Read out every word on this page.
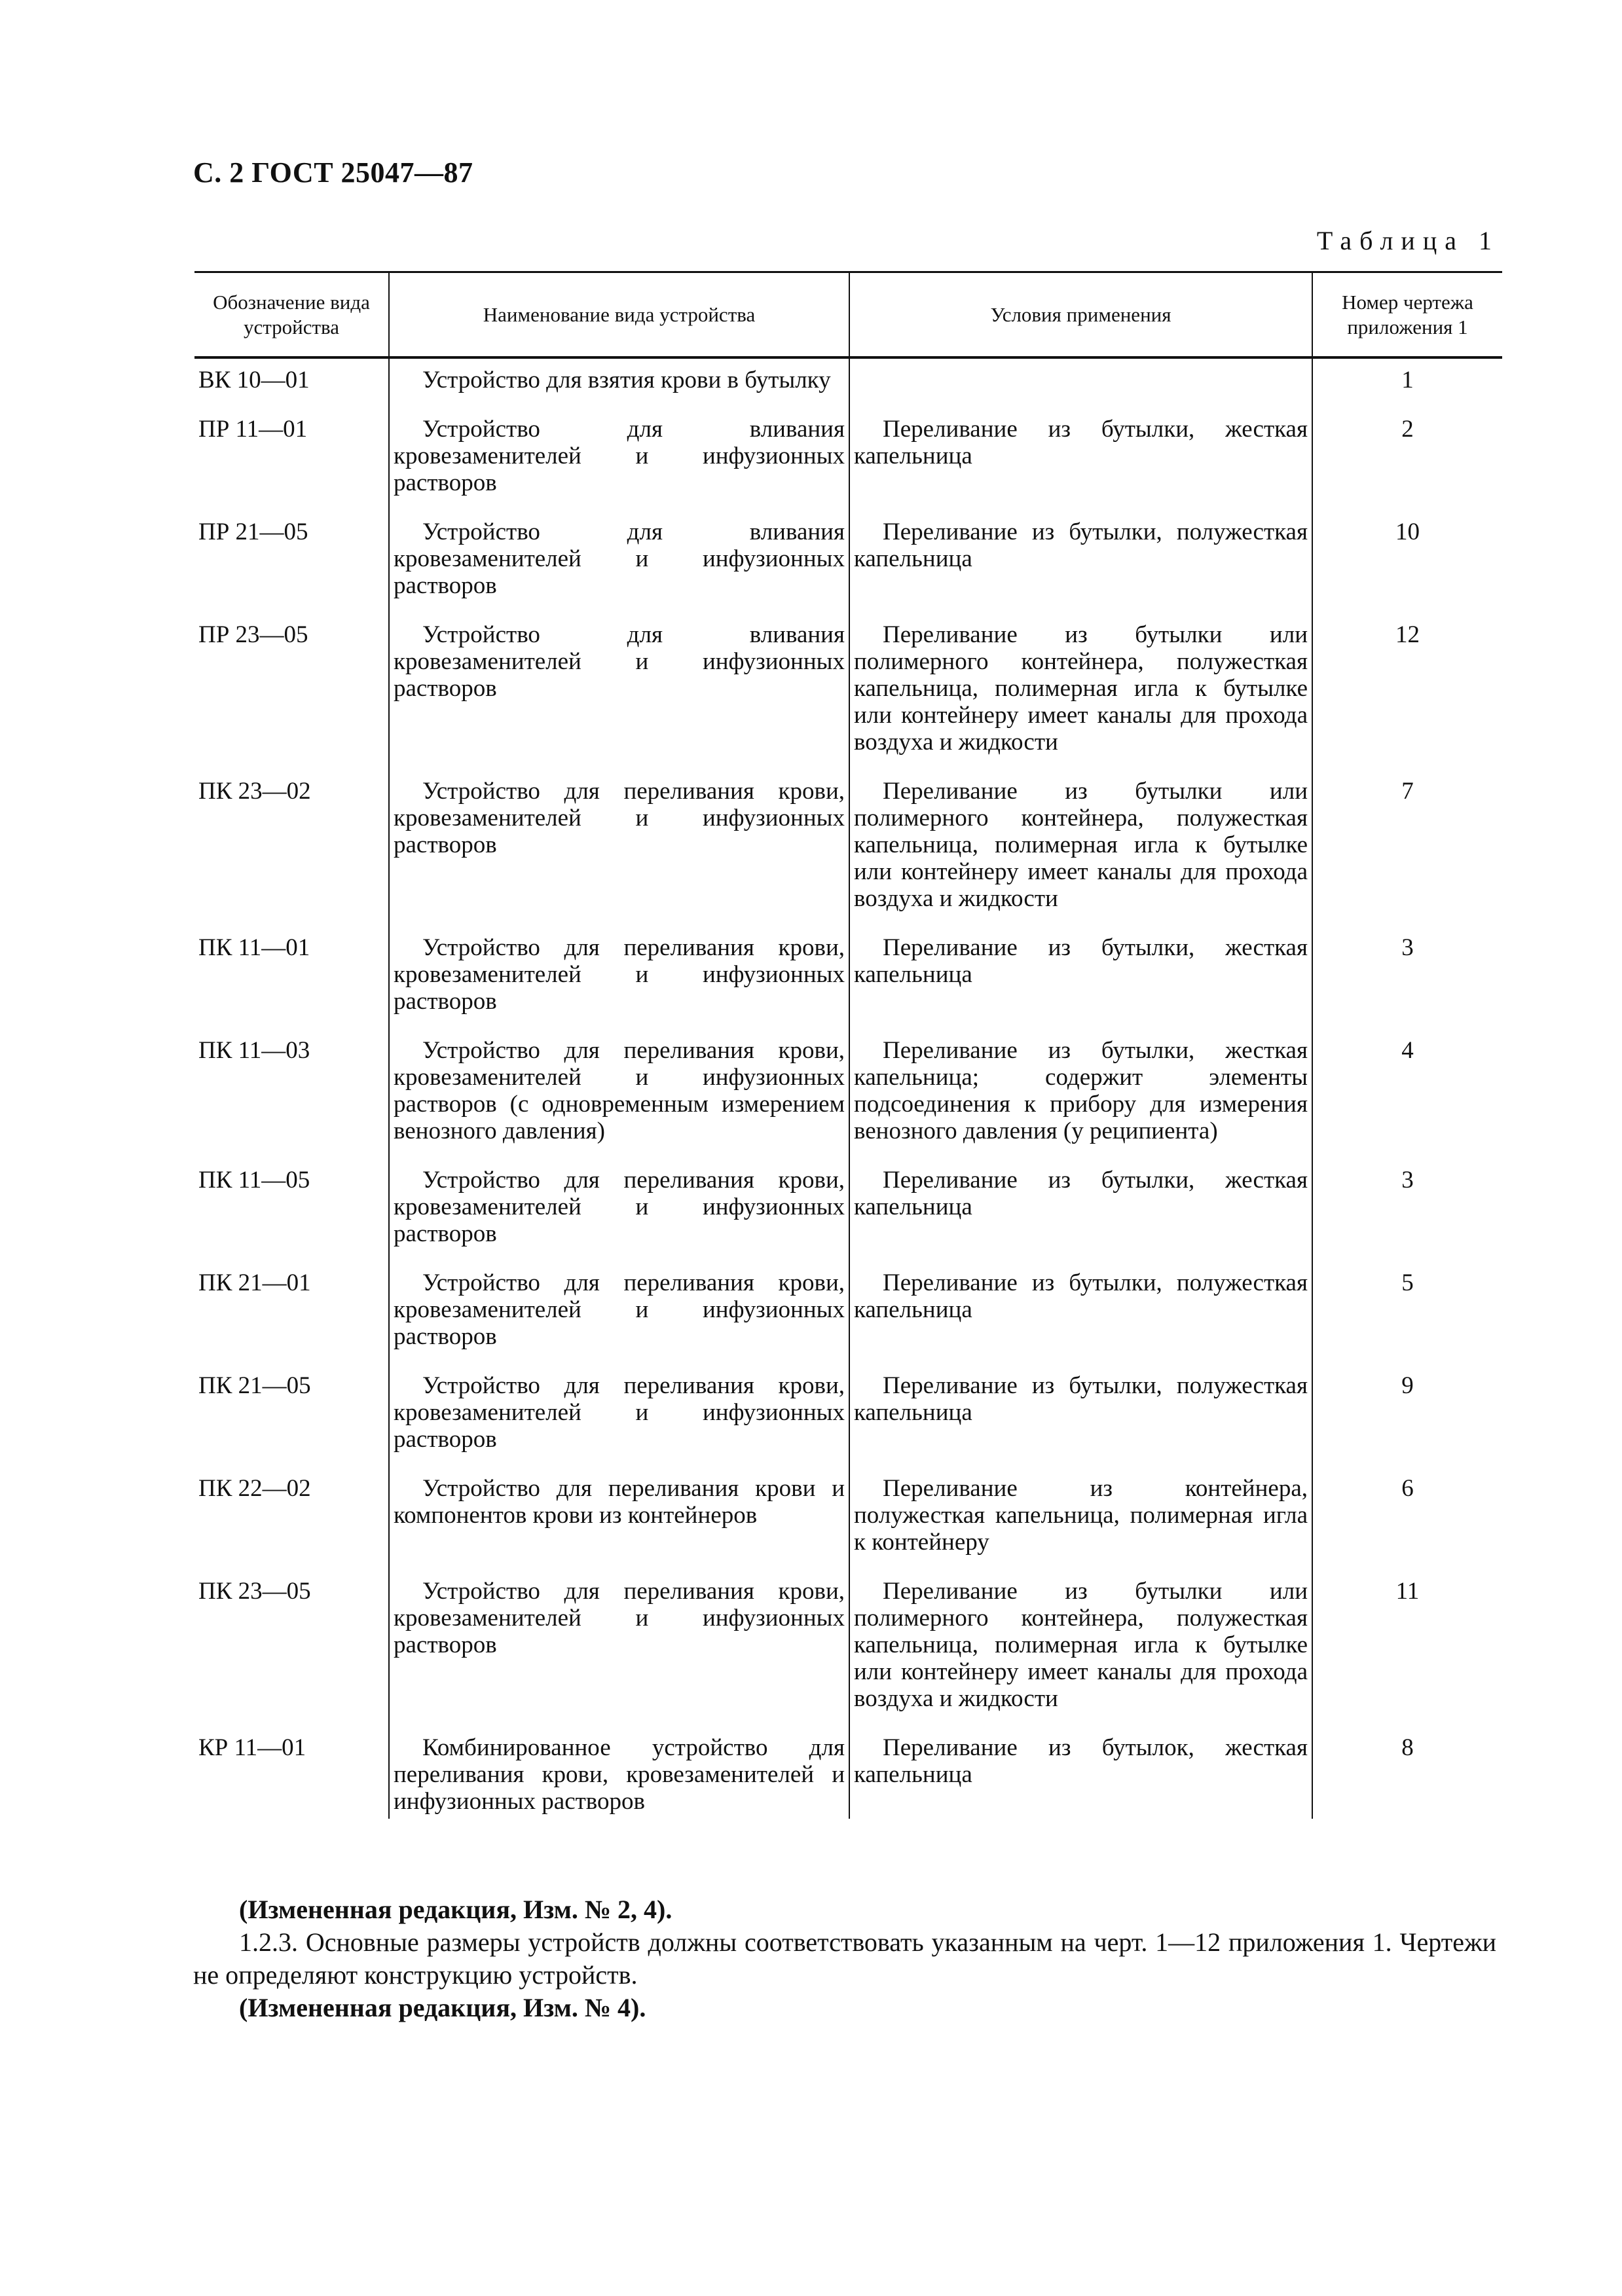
С. 2 ГОСТ 25047—87
Таблица 1
Обозначение вида устройства	Наименование вида устройства	Условия применения	Номер чертежа приложения 1
ВК 10—01	Устройство для взятия крови в бутылку		1
ПР 11—01	Устройство для вливания кровезаменителей и инфузионных растворов	Переливание из бутылки, жесткая капельница	2
ПР 21—05	Устройство для вливания кровезаменителей и инфузионных растворов	Переливание из бутылки, полужесткая капельница	10
ПР 23—05	Устройство для вливания кровезаменителей и инфузионных растворов	Переливание из бутылки или полимерного контейнера, полужесткая капельница, полимерная игла к бутылке или контейнеру имеет каналы для прохода воздуха и жидкости	12
ПК 23—02	Устройство для переливания крови, кровезаменителей и инфузионных растворов	Переливание из бутылки или полимерного контейнера, полужесткая капельница, полимерная игла к бутылке или контейнеру имеет каналы для прохода воздуха и жидкости	7
ПК 11—01	Устройство для переливания крови, кровезаменителей и инфузионных растворов	Переливание из бутылки, жесткая капельница	3
ПК 11—03	Устройство для переливания крови, кровезаменителей и инфузионных растворов (с одновременным измерением венозного давления)	Переливание из бутылки, жесткая капельница; содержит элементы подсоединения к прибору для измерения венозного давления (у реципиента)	4
ПК 11—05	Устройство для переливания крови, кровезаменителей и инфузионных растворов	Переливание из бутылки, жесткая капельница	3
ПК 21—01	Устройство для переливания крови, кровезаменителей и инфузионных растворов	Переливание из бутылки, полужесткая капельница	5
ПК 21—05	Устройство для переливания крови, кровезаменителей и инфузионных растворов	Переливание из бутылки, полужесткая капельница	9
ПК 22—02	Устройство для переливания крови и компонентов крови из контейнеров	Переливание из контейнера, полужесткая капельница, полимерная игла к контейнеру	6
ПК 23—05	Устройство для переливания крови, кровезаменителей и инфузионных растворов	Переливание из бутылки или полимерного контейнера, полужесткая капельница, полимерная игла к бутылке или контейнеру имеет каналы для прохода воздуха и жидкости	11
КР 11—01	Комбинированное устройство для переливания крови, кровезаменителей и инфузионных растворов	Переливание из бутылок, жесткая капельница	8
(Измененная редакция, Изм. № 2, 4).
1.2.3. Основные размеры устройств должны соответствовать указанным на черт. 1—12 приложения 1. Чертежи не определяют конструкцию устройств.
(Измененная редакция, Изм. № 4).
